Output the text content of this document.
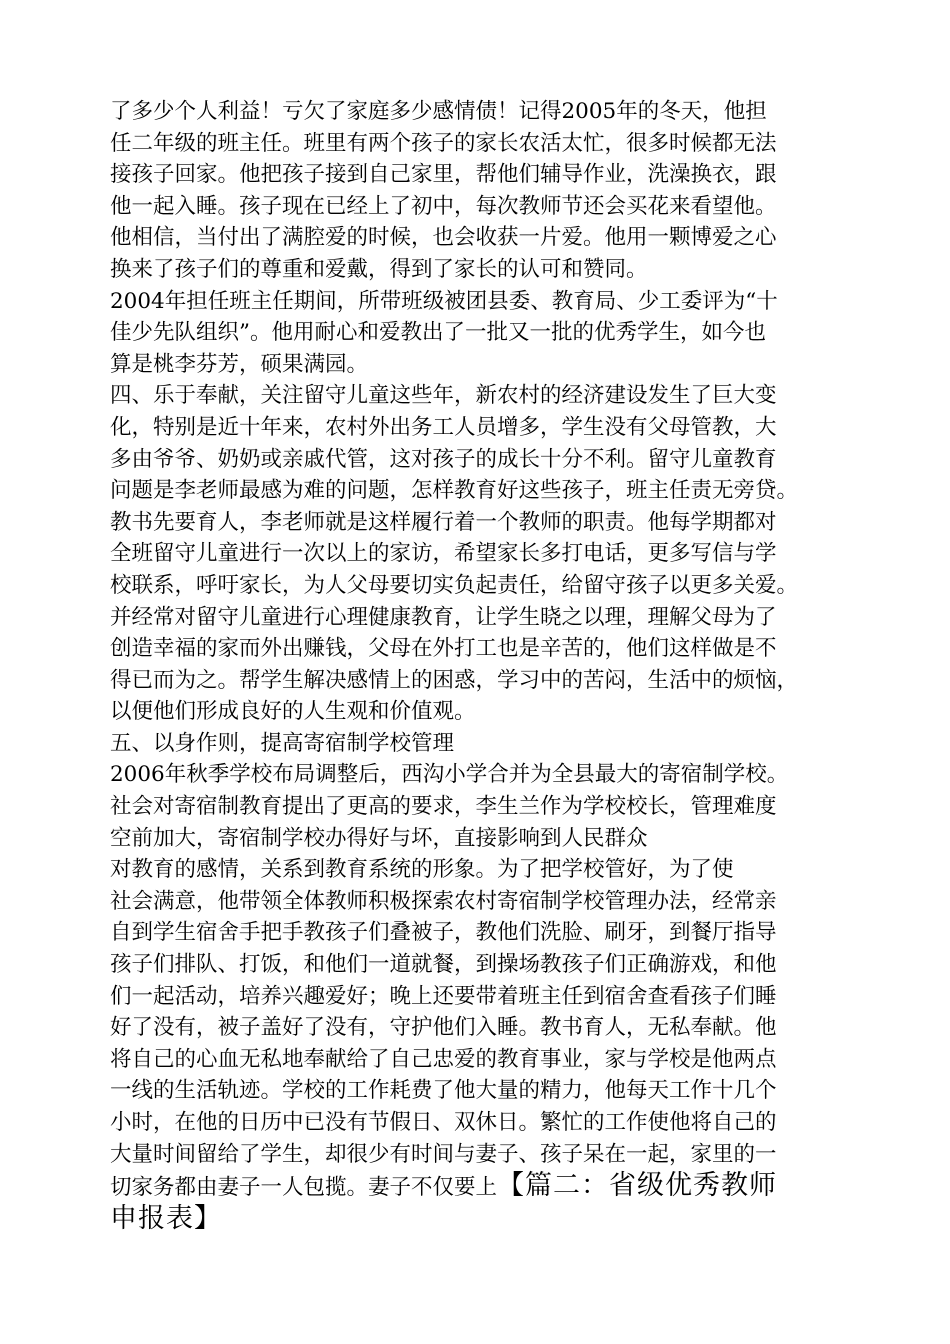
了多少个人利益！亏欠了家庭多少感情债！记得2005年的冬天，他担
任二年级的班主任。班里有两个孩子的家长农活太忙，很多时候都无法
接孩子回家。他把孩子接到自己家里，帮他们辅导作业，洗澡换衣，跟
他一起入睡。孩子现在已经上了初中，每次教师节还会买花来看望他。
他相信，当付出了满腔爱的时候，也会收获一片爱。他用一颗博爱之心
换来了孩子们的尊重和爱戴，得到了家长的认可和赞同。
2004年担任班主任期间，所带班级被团县委、教育局、少工委评为“十
佳少先队组织”。他用耐心和爱教出了一批又一批的优秀学生，如今也
算是桃李芬芳，硕果满园。
四、乐于奉献，关注留守儿童这些年，新农村的经济建设发生了巨大变
化，特别是近十年来，农村外出务工人员增多，学生没有父母管教，大
多由爷爷、奶奶或亲戚代管，这对孩子的成长十分不利。留守儿童教育
问题是李老师最感为难的问题，怎样教育好这些孩子，班主任责无旁贷。
教书先要育人，李老师就是这样履行着一个教师的职责。他每学期都对
全班留守儿童进行一次以上的家访，希望家长多打电话，更多写信与学
校联系，呼吁家长，为人父母要切实负起责任，给留守孩子以更多关爱。
并经常对留守儿童进行心理健康教育，让学生晓之以理，理解父母为了
创造幸福的家而外出赚钱，父母在外打工也是辛苦的，他们这样做是不
得已而为之。帮学生解决感情上的困惑，学习中的苦闷，生活中的烦恼，
以便他们形成良好的人生观和价值观。
五、以身作则，提高寄宿制学校管理
2006年秋季学校布局调整后，西沟小学合并为全县最大的寄宿制学校。
社会对寄宿制教育提出了更高的要求，李生兰作为学校校长，管理难度
空前加大，寄宿制学校办得好与坏，直接影响到人民群众
对教育的感情，关系到教育系统的形象。为了把学校管好，为了使
社会满意，他带领全体教师积极探索农村寄宿制学校管理办法，经常亲
自到学生宿舍手把手教孩子们叠被子，教他们洗脸、刷牙，到餐厅指导
孩子们排队、打饭，和他们一道就餐，到操场教孩子们正确游戏，和他
们一起活动，培养兴趣爱好；晚上还要带着班主任到宿舍查看孩子们睡
好了没有，被子盖好了没有，守护他们入睡。教书育人，无私奉献。他
将自己的心血无私地奉献给了自己忠爱的教育事业，家与学校是他两点
一线的生活轨迹。学校的工作耗费了他大量的精力，他每天工作十几个
小时，在他的日历中已没有节假日、双休日。繁忙的工作使他将自己的
大量时间留给了学生，却很少有时间与妻子、孩子呆在一起，家里的一
切家务都由妻子一人包揽。妻子不仅要上【篇二：省级优秀教师
申报表】
